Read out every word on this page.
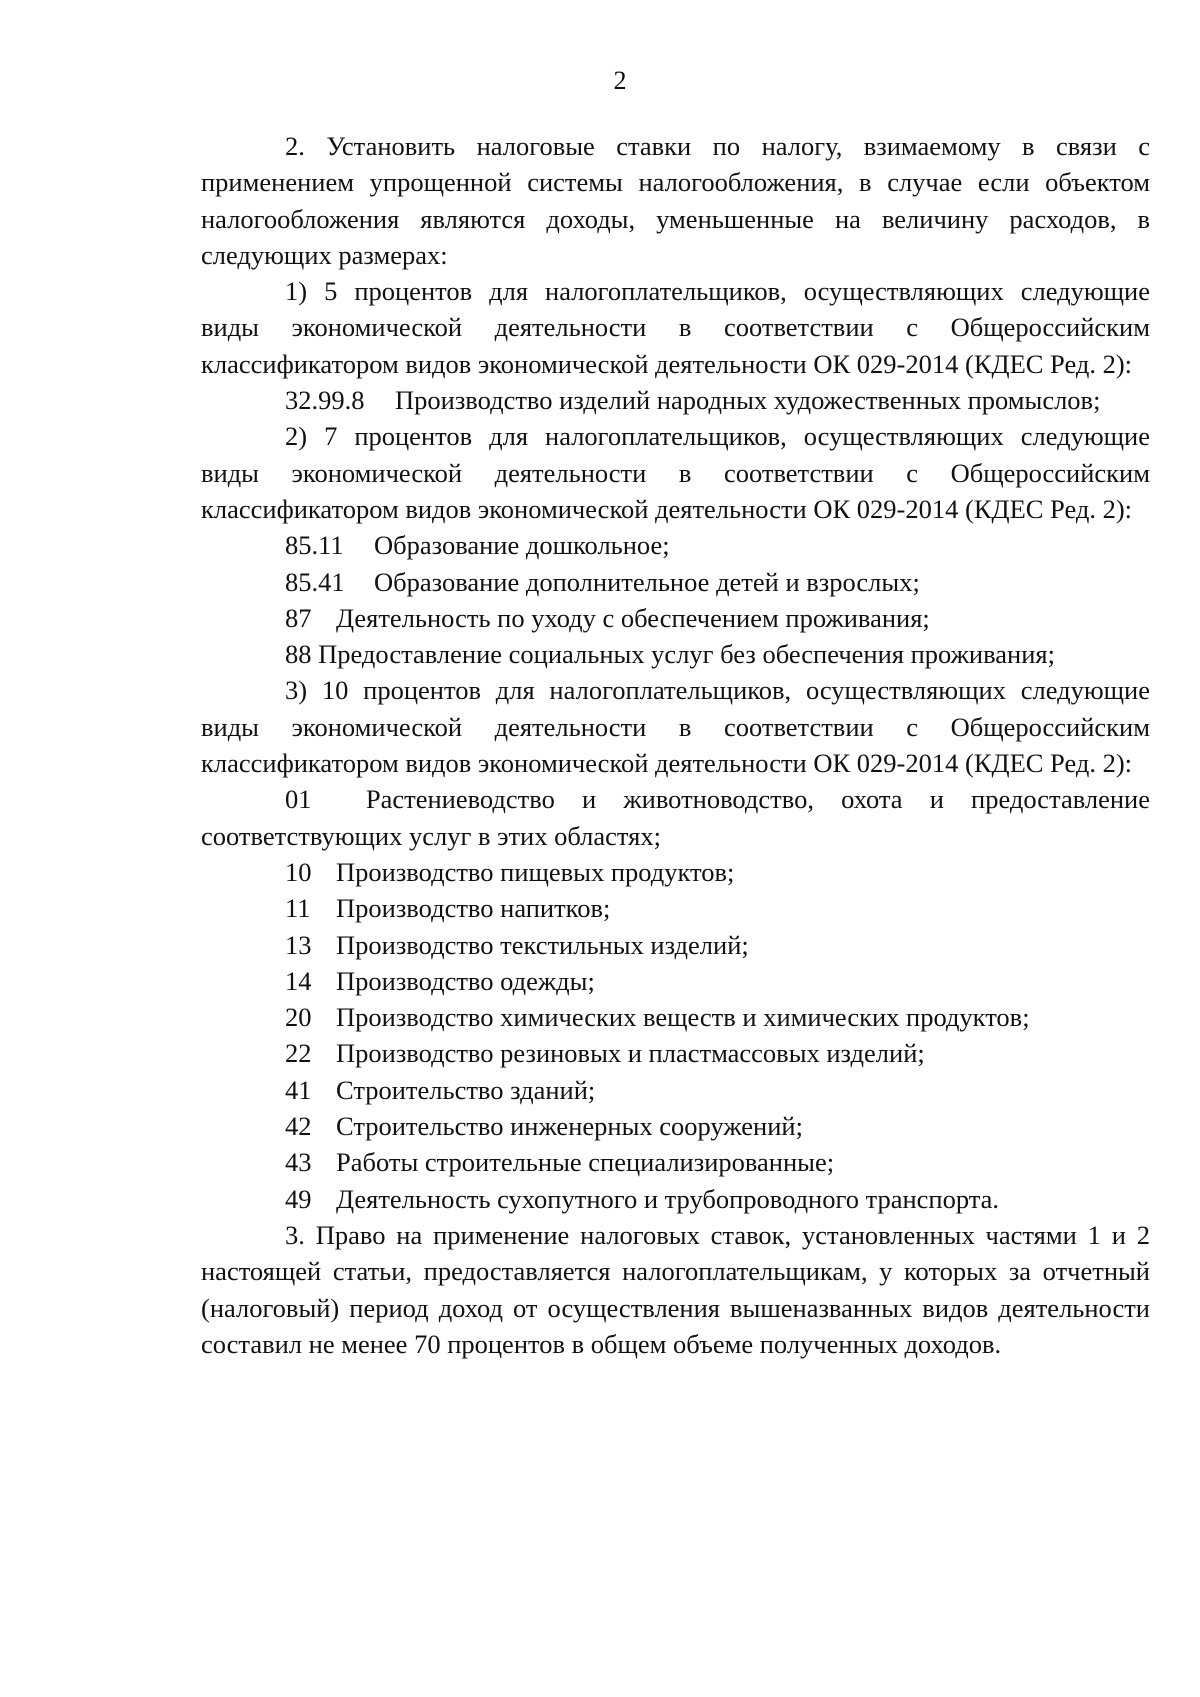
2

2. Установить налоговые ставки по налогу, взимаемому в связи с применением упрощенной системы налогообложения, в случае если объектом налогообложения являются доходы, уменьшенные на величину расходов, в следующих размерах:

1) 5 процентов для налогоплательщиков, осуществляющих следующие виды экономической деятельности в соответствии с Общероссийским классификатором видов экономической деятельности ОК 029-2014 (КДЕС Ред. 2):

32.99.8 Производство изделий народных художественных промыслов;

2) 7 процентов для налогоплательщиков, осуществляющих следующие виды экономической деятельности в соответствии с Общероссийским классификатором видов экономической деятельности ОК 029-2014 (КДЕС Ред. 2):

85.11 Образование дошкольное;

85.41 Образование дополнительное детей и взрослых;

87 Деятельность по уходу с обеспечением проживания;

88 Предоставление социальных услуг без обеспечения проживания;

3) 10 процентов для налогоплательщиков, осуществляющих следующие виды экономической деятельности в соответствии с Общероссийским классификатором видов экономической деятельности ОК 029-2014 (КДЕС Ред. 2):

01 Растениеводство и животноводство, охота и предоставление соответствующих услуг в этих областях;

10 Производство пищевых продуктов;

11 Производство напитков;

13 Производство текстильных изделий;

14 Производство одежды;

20 Производство химических веществ и химических продуктов;

22 Производство резиновых и пластмассовых изделий;

41 Строительство зданий;

42 Строительство инженерных сооружений;

43 Работы строительные специализированные;

49 Деятельность сухопутного и трубопроводного транспорта.

3. Право на применение налоговых ставок, установленных частями 1 и 2 настоящей статьи, предоставляется налогоплательщикам, у которых за отчетный (налоговый) период доход от осуществления вышеназванных видов деятельности составил не менее 70 процентов в общем объеме полученных доходов.
